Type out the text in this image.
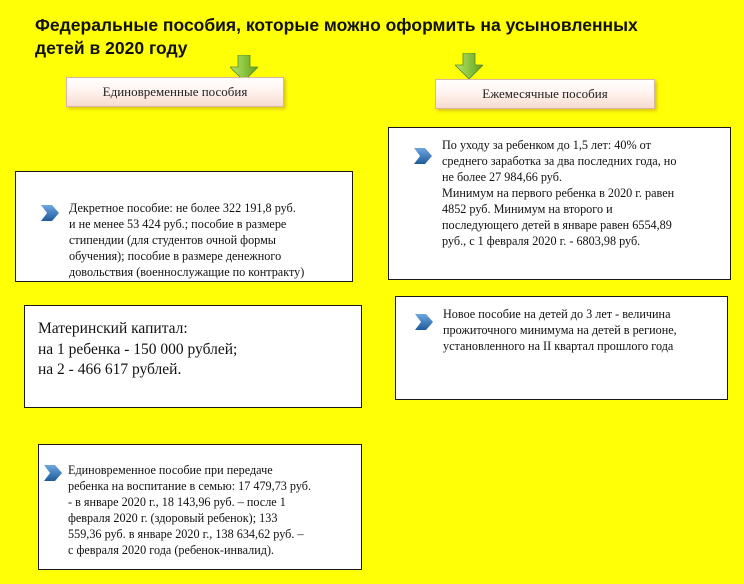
Федеральные пособия, которые можно оформить на усыновленных
детей в 2020 году
Единовременные пособия	Ежемесячные пособия
Декретное пособие: не более 322 191,8 руб.
и не менее 53 424 руб.; пособие в размере
стипендии (для студентов очной формы
обучения); пособие в размере денежного
довольствия (военнослужащие по контракту)
Материнский капитал:
на 1 ребенка - 150 000 рублей;
на 2 - 466 617 рублей.
Единовременное пособие при передаче
ребенка на воспитание в семью: 17 479,73 руб.
- в январе 2020 г., 18 143,96 руб. – после 1
февраля 2020 г. (здоровый ребенок); 133
559,36 руб. в январе 2020 г., 138 634,62 руб. –
с февраля 2020 года (ребенок-инвалид).
По уходу за ребенком до 1,5 лет: 40% от
среднего заработка за два последних года, но
не более 27 984,66 руб.
Минимум на первого ребенка в 2020 г. равен
4852 руб. Минимум на второго и
последующего детей в январе равен 6554,89
руб., с 1 февраля 2020 г. - 6803,98 руб.
Новое пособие на детей до 3 лет - величина
прожиточного минимума на детей в регионе,
установленного на II квартал прошлого года
